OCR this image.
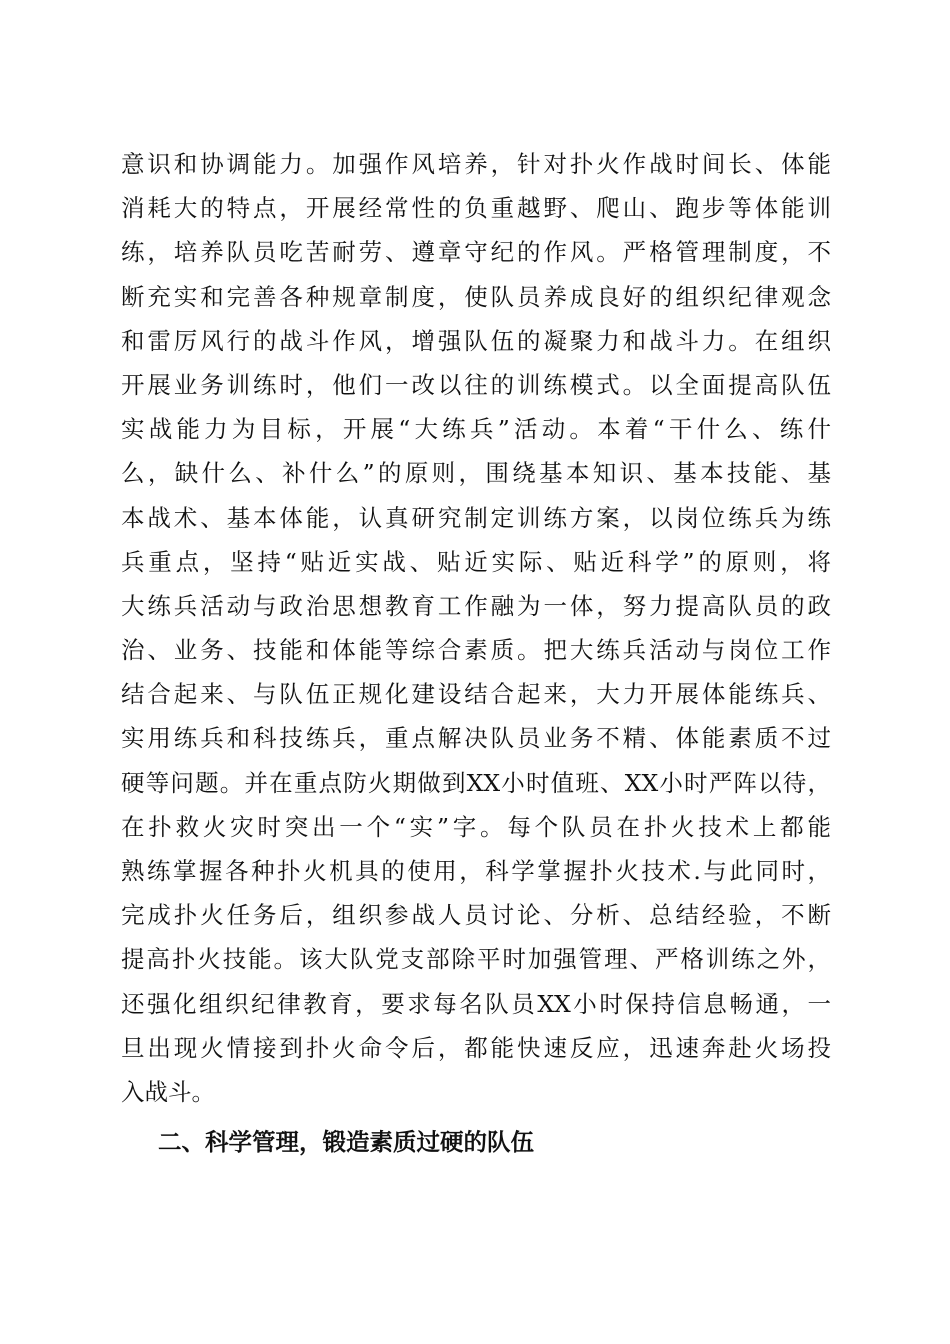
意识和协调能力。加强作风培养，针对扑火作战时间长、体能
消耗大的特点，开展经常性的负重越野、爬山、跑步等体能训
练，培养队员吃苦耐劳、遵章守纪的作风。严格管理制度，不
断充实和完善各种规章制度，使队员养成良好的组织纪律观念
和雷厉风行的战斗作风，增强队伍的凝聚力和战斗力。在组织
开展业务训练时，他们一改以往的训练模式。以全面提高队伍
实战能力为目标，开展“大练兵”活动。本着“干什么、练什
么，缺什么、补什么”的原则，围绕基本知识、基本技能、基
本战术、基本体能，认真研究制定训练方案，以岗位练兵为练
兵重点，坚持“贴近实战、贴近实际、贴近科学”的原则，将
大练兵活动与政治思想教育工作融为一体，努力提高队员的政
治、业务、技能和体能等综合素质。把大练兵活动与岗位工作
结合起来、与队伍正规化建设结合起来，大力开展体能练兵、
实用练兵和科技练兵，重点解决队员业务不精、体能素质不过
硬等问题。并在重点防火期做到XX小时值班、XX小时严阵以待，
在扑救火灾时突出一个“实”字。每个队员在扑火技术上都能
熟练掌握各种扑火机具的使用，科学掌握扑火技术.与此同时，
完成扑火任务后，组织参战人员讨论、分析、总结经验，不断
提高扑火技能。该大队党支部除平时加强管理、严格训练之外，
还强化组织纪律教育，要求每名队员XX小时保持信息畅通，一
旦出现火情接到扑火命令后，都能快速反应，迅速奔赴火场投
入战斗。
二、科学管理，锻造素质过硬的队伍
